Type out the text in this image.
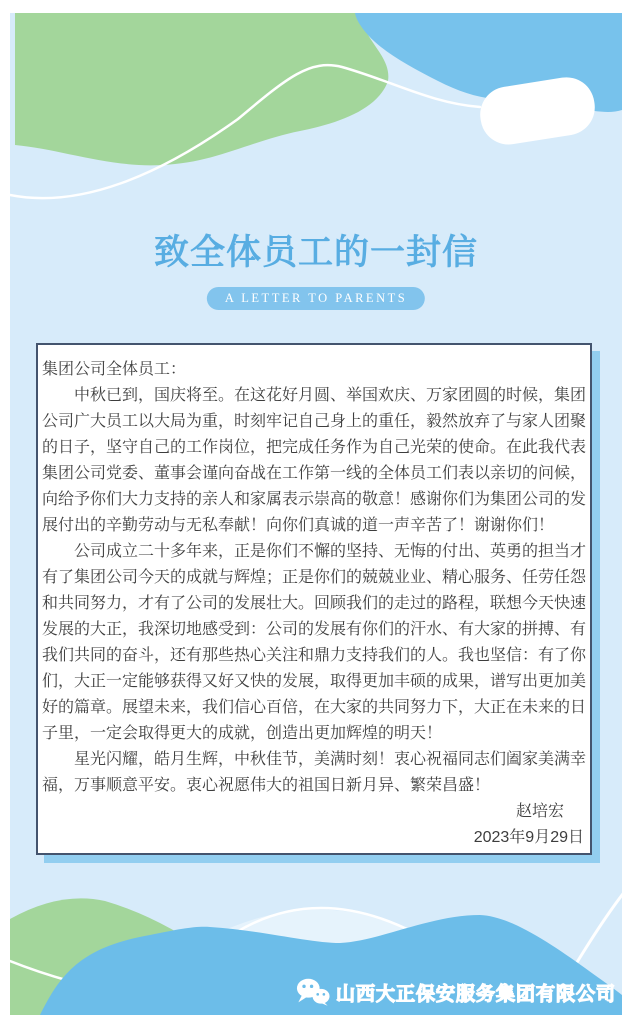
致全体员工的一封信
A LETTER TO PARENTS

集团公司全体员工：

中秋已到，国庆将至。在这花好月圆、举国欢庆、万家团圆的时候，集团公司广大员工以大局为重，时刻牢记自己身上的重任，毅然放弃了与家人团聚的日子，坚守自己的工作岗位，把完成任务作为自己光荣的使命。在此我代表集团公司党委、董事会谨向奋战在工作第一线的全体员工们表以亲切的问候，向给予你们大力支持的亲人和家属表示崇高的敬意！感谢你们为集团公司的发展付出的辛勤劳动与无私奉献！向你们真诚的道一声辛苦了！谢谢你们！

公司成立二十多年来，正是你们不懈的坚持、无悔的付出、英勇的担当才有了集团公司今天的成就与辉煌；正是你们的兢兢业业、精心服务、任劳任怨和共同努力，才有了公司的发展壮大。回顾我们的走过的路程，联想今天快速发展的大正，我深切地感受到：公司的发展有你们的汗水、有大家的拼搏、有我们共同的奋斗，还有那些热心关注和鼎力支持我们的人。我也坚信：有了你们，大正一定能够获得又好又快的发展，取得更加丰硕的成果，谱写出更加美好的篇章。展望未来，我们信心百倍，在大家的共同努力下，大正在未来的日子里，一定会取得更大的成就，创造出更加辉煌的明天！

星光闪耀，皓月生辉，中秋佳节，美满时刻！衷心祝福同志们阖家美满幸福，万事顺意平安。衷心祝愿伟大的祖国日新月异、繁荣昌盛！

赵培宏
2023年9月29日
山西大正保安服务集团有限公司
